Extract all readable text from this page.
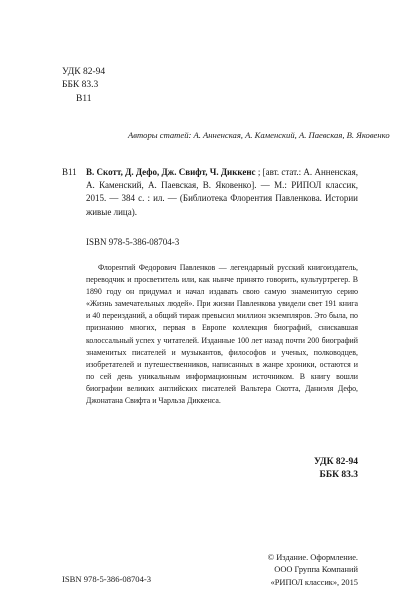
УДК 82-94
ББК 83.3
В11
Авторы статей: А. Анненская, А. Каменский, А. Паевская, В. Яковенко
В11 В. Скотт, Д. Дефо, Дж. Свифт, Ч. Диккенс ; [авт. стат.: А. Анненская, А. Каменский, А. Паевская, В. Яковенко]. — М.: РИПОЛ классик, 2015. — 384 с. : ил. — (Библиотека Флорентия Павленкова. Истории живые лица).
ISBN 978-5-386-08704-3
Флорентий Федорович Павленков — легендарный русский книгоиздатель, переводчик и просветитель или, как нынче принято говорить, культуртрегер. В 1890 году он придумал и начал издавать свою самую знаменитую серию «Жизнь замечательных людей». При жизни Павленкова увидели свет 191 книга и 40 переизданий, а общий тираж превысил миллион экземпляров. Это была, по признанию многих, первая в Европе коллекция биографий, снискавшая колоссальный успех у читателей. Изданные 100 лет назад почти 200 биографий знаменитых писателей и музыкантов, философов и ученых, полководцев, изобретателей и путешественников, написанных в жанре хроники, остаются и по сей день уникальным информационным источником. В книгу вошли биографии великих английских писателей Вальтера Скотта, Даниэля Дефо, Джонатана Свифта и Чарльза Диккенса.
УДК 82-94
ББК 83.3
© Издание. Оформление.
ООО Группа Компаний
«РИПОЛ классик», 2015
ISBN 978-5-386-08704-3
